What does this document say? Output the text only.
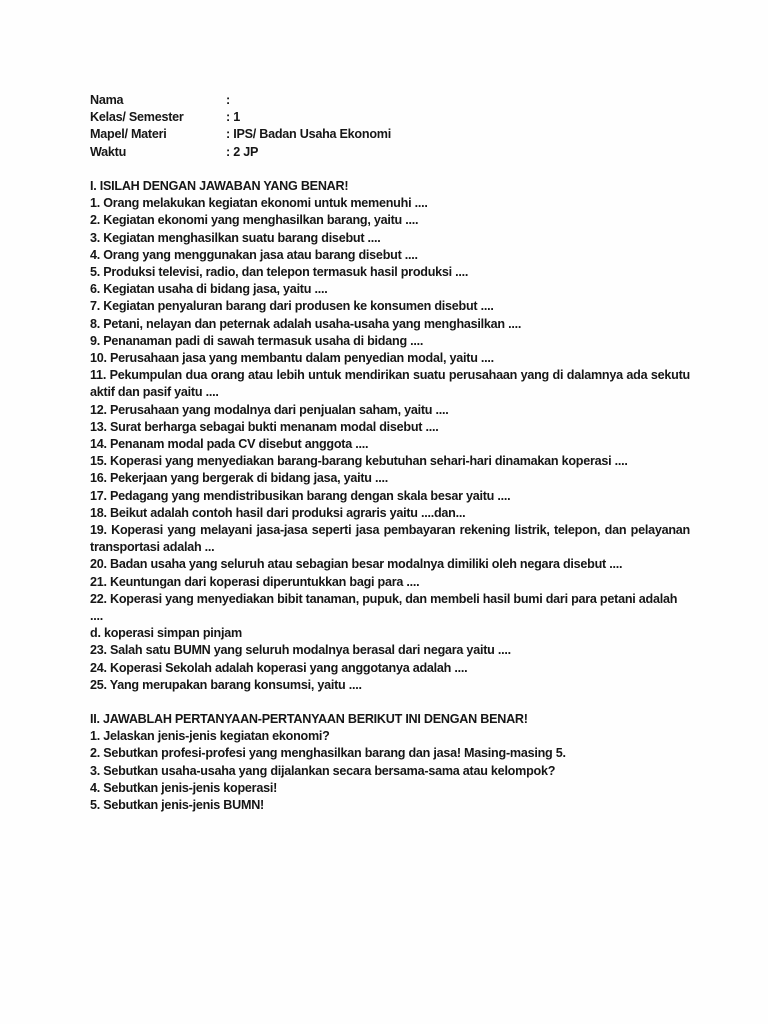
Nama	:
Kelas/ Semester	: 1
Mapel/ Materi	: IPS/ Badan Usaha Ekonomi
Waktu	: 2 JP
I. ISILAH DENGAN JAWABAN YANG BENAR!
1. Orang melakukan kegiatan ekonomi untuk memenuhi ....
2. Kegiatan ekonomi yang menghasilkan barang, yaitu ....
3. Kegiatan menghasilkan suatu barang disebut ....
4. Orang yang menggunakan jasa atau barang disebut ....
5. Produksi televisi, radio, dan telepon termasuk hasil produksi ....
6. Kegiatan usaha di bidang jasa, yaitu ....
7. Kegiatan penyaluran barang dari produsen ke konsumen disebut ....
8. Petani, nelayan dan peternak adalah usaha-usaha yang menghasilkan ....
9. Penanaman padi di sawah termasuk usaha di bidang ....
10. Perusahaan jasa yang membantu dalam penyedian modal, yaitu ....
11. Pekumpulan dua orang atau lebih untuk mendirikan suatu perusahaan yang di dalamnya ada sekutu aktif dan pasif yaitu ....
12. Perusahaan yang modalnya dari penjualan saham, yaitu ....
13. Surat berharga sebagai bukti menanam modal disebut ....
14. Penanam modal pada CV disebut anggota ....
15. Koperasi yang menyediakan barang-barang kebutuhan sehari-hari dinamakan koperasi ....
16. Pekerjaan yang bergerak di bidang jasa, yaitu ....
17. Pedagang yang mendistribusikan barang dengan skala besar yaitu ....
18. Beikut adalah contoh hasil dari produksi agraris yaitu ....dan...
19. Koperasi yang melayani jasa-jasa seperti jasa pembayaran rekening listrik, telepon, dan pelayanan transportasi adalah ...
20. Badan usaha yang seluruh atau sebagian besar modalnya dimiliki oleh negara disebut ....
21. Keuntungan dari koperasi diperuntukkan bagi para ....
22. Koperasi yang menyediakan bibit tanaman, pupuk, dan membeli hasil bumi dari para petani adalah ....
d. koperasi simpan pinjam
23. Salah satu BUMN yang seluruh modalnya berasal dari negara yaitu ....
24. Koperasi Sekolah adalah koperasi yang anggotanya adalah ....
25. Yang merupakan barang konsumsi, yaitu ....
II. JAWABLAH PERTANYAAN-PERTANYAAN BERIKUT INI DENGAN BENAR!
1. Jelaskan jenis-jenis kegiatan ekonomi?
2. Sebutkan profesi-profesi yang menghasilkan barang dan jasa! Masing-masing 5.
3. Sebutkan usaha-usaha yang dijalankan secara bersama-sama atau kelompok?
4. Sebutkan jenis-jenis koperasi!
5. Sebutkan jenis-jenis BUMN!
